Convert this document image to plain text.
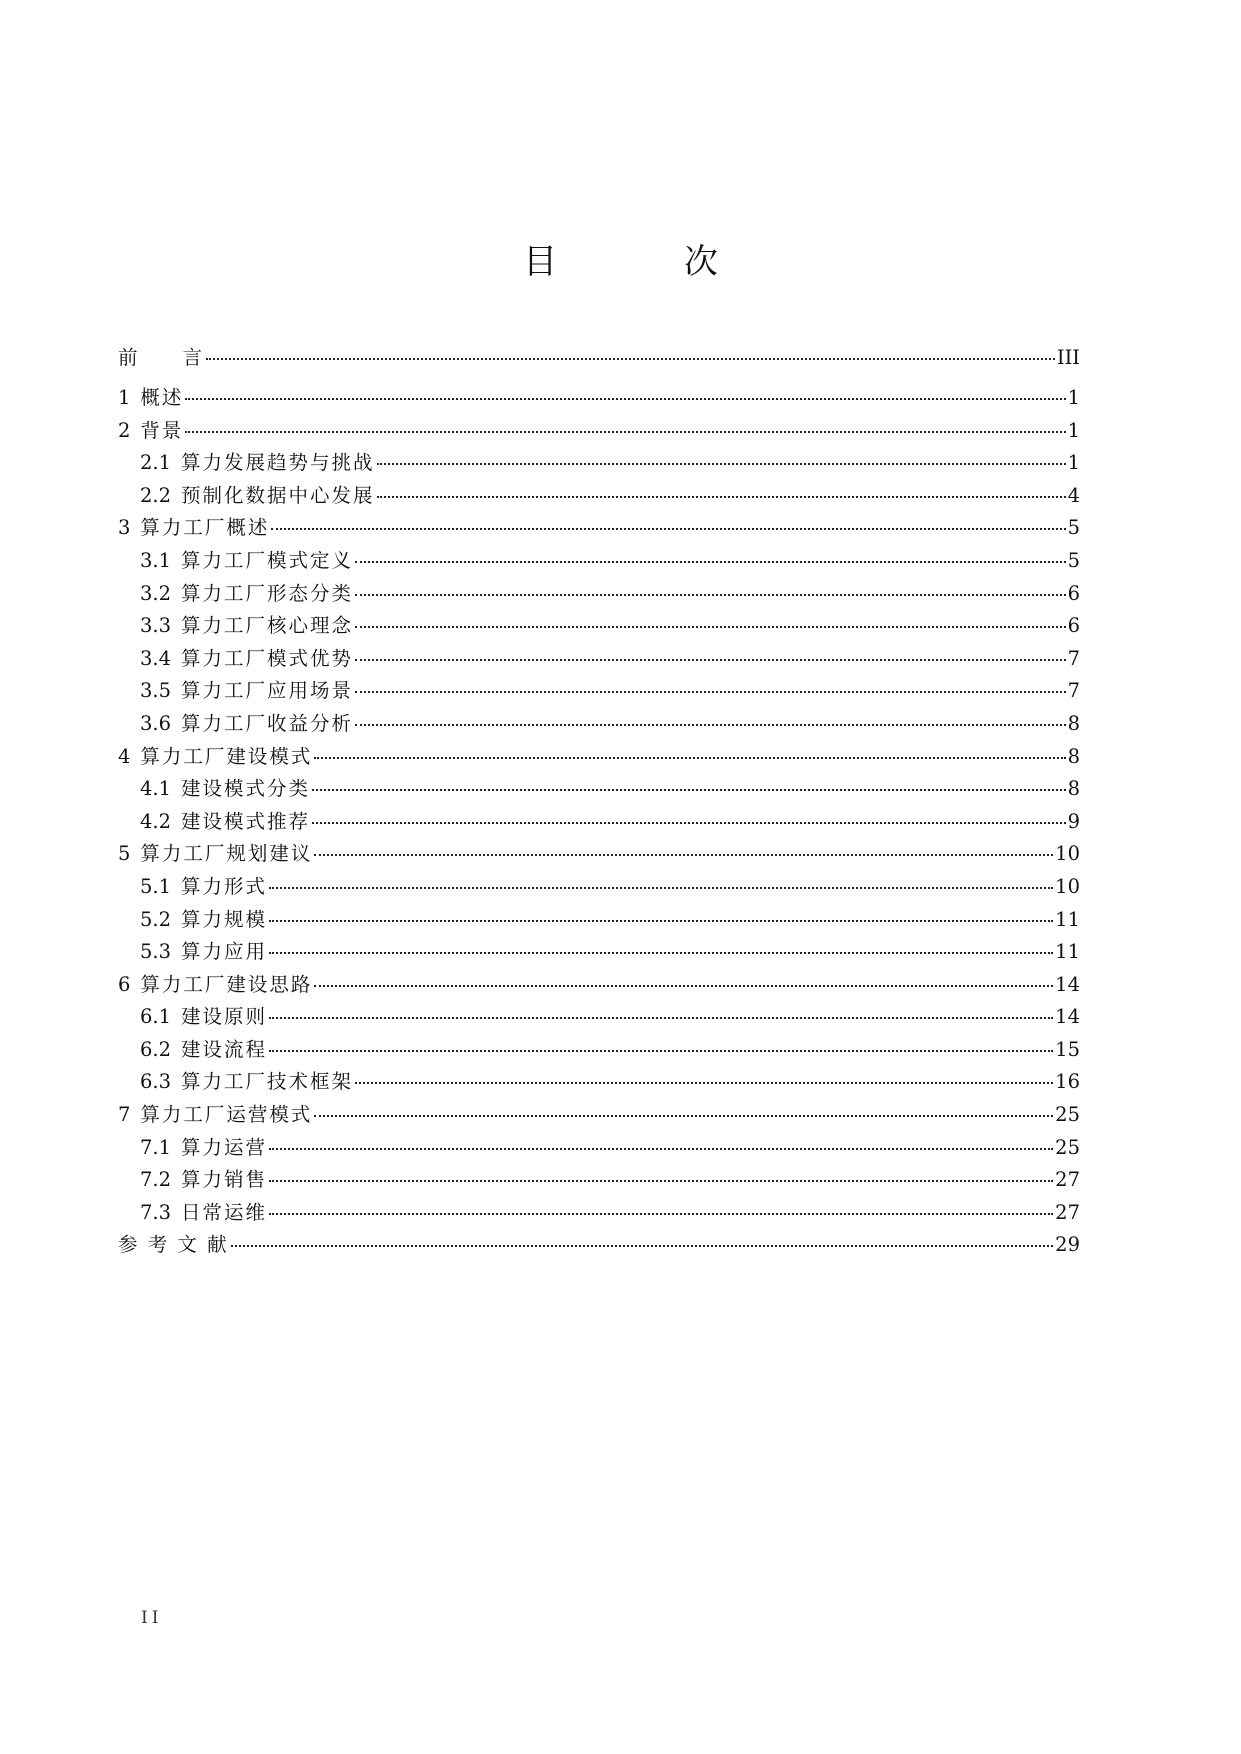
目 次
前　　言	III
1 概述	1
2 背景	1
2.1 算力发展趋势与挑战	1
2.2 预制化数据中心发展	4
3 算力工厂概述	5
3.1 算力工厂模式定义	5
3.2 算力工厂形态分类	6
3.3 算力工厂核心理念	6
3.4 算力工厂模式优势	7
3.5 算力工厂应用场景	7
3.6 算力工厂收益分析	8
4 算力工厂建设模式	8
4.1 建设模式分类	8
4.2 建设模式推荐	9
5 算力工厂规划建议	10
5.1 算力形式	10
5.2 算力规模	11
5.3 算力应用	11
6 算力工厂建设思路	14
6.1 建设原则	14
6.2 建设流程	15
6.3 算力工厂技术框架	16
7 算力工厂运营模式	25
7.1 算力运营	25
7.2 算力销售	27
7.3 日常运维	27
参 考 文 献	29
II
